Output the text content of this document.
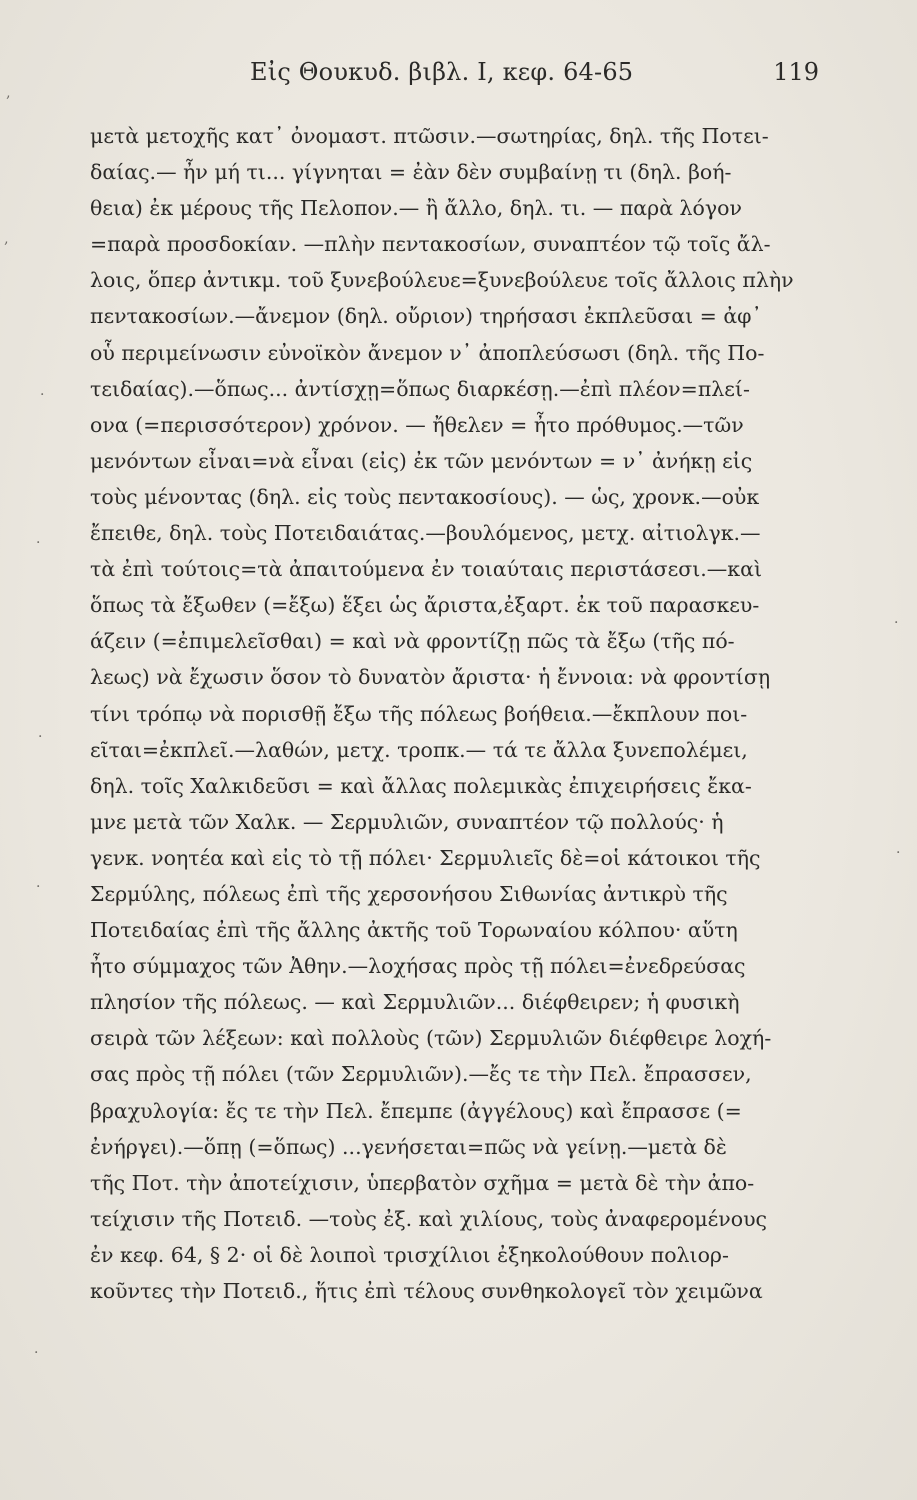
Εἰς Θουκυδ. βιβλ. Ι, κεφ. 64-65	119
μετὰ μετοχῆς κατ᾽ ὀνομαστ. πτῶσιν.—σωτηρίας, δηλ. τῆς Ποτει-
δαίας.— ἦν μή τι... γίγνηται = ἐὰν δὲν συμβαίνῃ τι (δηλ. βοή-
θεια) ἐκ μέρους τῆς Πελοπον.— ἢ ἄλλο, δηλ. τι. — παρὰ λόγον
=παρὰ προσδοκίαν. —πλὴν πεντακοσίων, συναπτέον τῷ τοῖς ἄλ-
λοις, ὅπερ ἀντικμ. τοῦ ξυνεβούλευε=ξυνεβούλευε τοῖς ἄλλοις πλὴν
πεντακοσίων.—ἄνεμον (δηλ. οὔριον) τηρήσασι ἐκπλεῦσαι = ἀφ᾽
οὗ περιμείνωσιν εὐνοϊκὸν ἄνεμον ν᾽ ἀποπλεύσωσι (δηλ. τῆς Πο-
τειδαίας).—ὅπως... ἀντίσχῃ=ὅπως διαρκέσῃ.—ἐπὶ πλέον=πλεί-
ονα (=περισσότερον) χρόνον. — ἤθελεν = ἦτο πρόθυμος.—τῶν
μενόντων εἶναι=νὰ εἶναι (εἰς) ἐκ τῶν μενόντων = ν᾽ ἀνήκῃ εἰς
τοὺς μένοντας (δηλ. εἰς τοὺς πεντακοσίους). — ὡς, χρονκ.—οὐκ
ἔπειθε, δηλ. τοὺς Ποτειδαιάτας.—βουλόμενος, μετχ. αἰτιολγκ.—
τὰ ἐπὶ τούτοις=τὰ ἀπαιτούμενα ἐν τοιαύταις περιστάσεσι.—καὶ
ὅπως τὰ ἔξωθεν (=ἔξω) ἕξει ὡς ἄριστα,ἐξαρτ. ἐκ τοῦ παρασκευ-
άζειν (=ἐπιμελεῖσθαι) = καὶ νὰ φροντίζῃ πῶς τὰ ἔξω (τῆς πό-
λεως) νὰ ἔχωσιν ὅσον τὸ δυνατὸν ἄριστα· ἡ ἔννοια: νὰ φροντίσῃ
τίνι τρόπῳ νὰ πορισθῇ ἔξω τῆς πόλεως βοήθεια.—ἔκπλουν ποι-
εῖται=ἐκπλεῖ.—λαθών, μετχ. τροπκ.— τά τε ἄλλα ξυνεπολέμει,
δηλ. τοῖς Χαλκιδεῦσι = καὶ ἄλλας πολεμικὰς ἐπιχειρήσεις ἔκα-
μνε μετὰ τῶν Χαλκ. — Σερμυλιῶν, συναπτέον τῷ πολλούς· ἡ
γενκ. νοητέα καὶ εἰς τὸ τῇ πόλει· Σερμυλιεῖς δὲ=οἱ κάτοικοι τῆς
Σερμύλης, πόλεως ἐπὶ τῆς χερσονήσου Σιθωνίας ἀντικρὺ τῆς
Ποτειδαίας ἐπὶ τῆς ἄλλης ἀκτῆς τοῦ Τορωναίου κόλπου· αὕτη
ἦτο σύμμαχος τῶν Ἀθην.—λοχήσας πρὸς τῇ πόλει=ἐνεδρεύσας
πλησίον τῆς πόλεως. — καὶ Σερμυλιῶν... διέφθειρεν; ἡ φυσικὴ
σειρὰ τῶν λέξεων: καὶ πολλοὺς (τῶν) Σερμυλιῶν διέφθειρε λοχή-
σας πρὸς τῇ πόλει (τῶν Σερμυλιῶν).—ἔς τε τὴν Πελ. ἔπρασσεν,
βραχυλογία: ἔς τε τὴν Πελ. ἔπεμπε (ἀγγέλους) καὶ ἔπρασσε (=
ἐνήργει).—ὅπῃ (=ὅπως) ...γενήσεται=πῶς νὰ γείνῃ.—μετὰ δὲ
τῆς Ποτ. τὴν ἀποτείχισιν, ὑπερβατὸν σχῆμα = μετὰ δὲ τὴν ἀπο-
τείχισιν τῆς Ποτειδ. —τοὺς ἐξ. καὶ χιλίους, τοὺς ἀναφερομένους
ἐν κεφ. 64, § 2· οἱ δὲ λοιποὶ τρισχίλιοι ἐξηκολούθουν πολιορ-
κοῦντες τὴν Ποτειδ., ἥτις ἐπὶ τέλους συνθηκολογεῖ τὸν χειμῶνα
‚
‚
·
·
·
·
·
·
·
